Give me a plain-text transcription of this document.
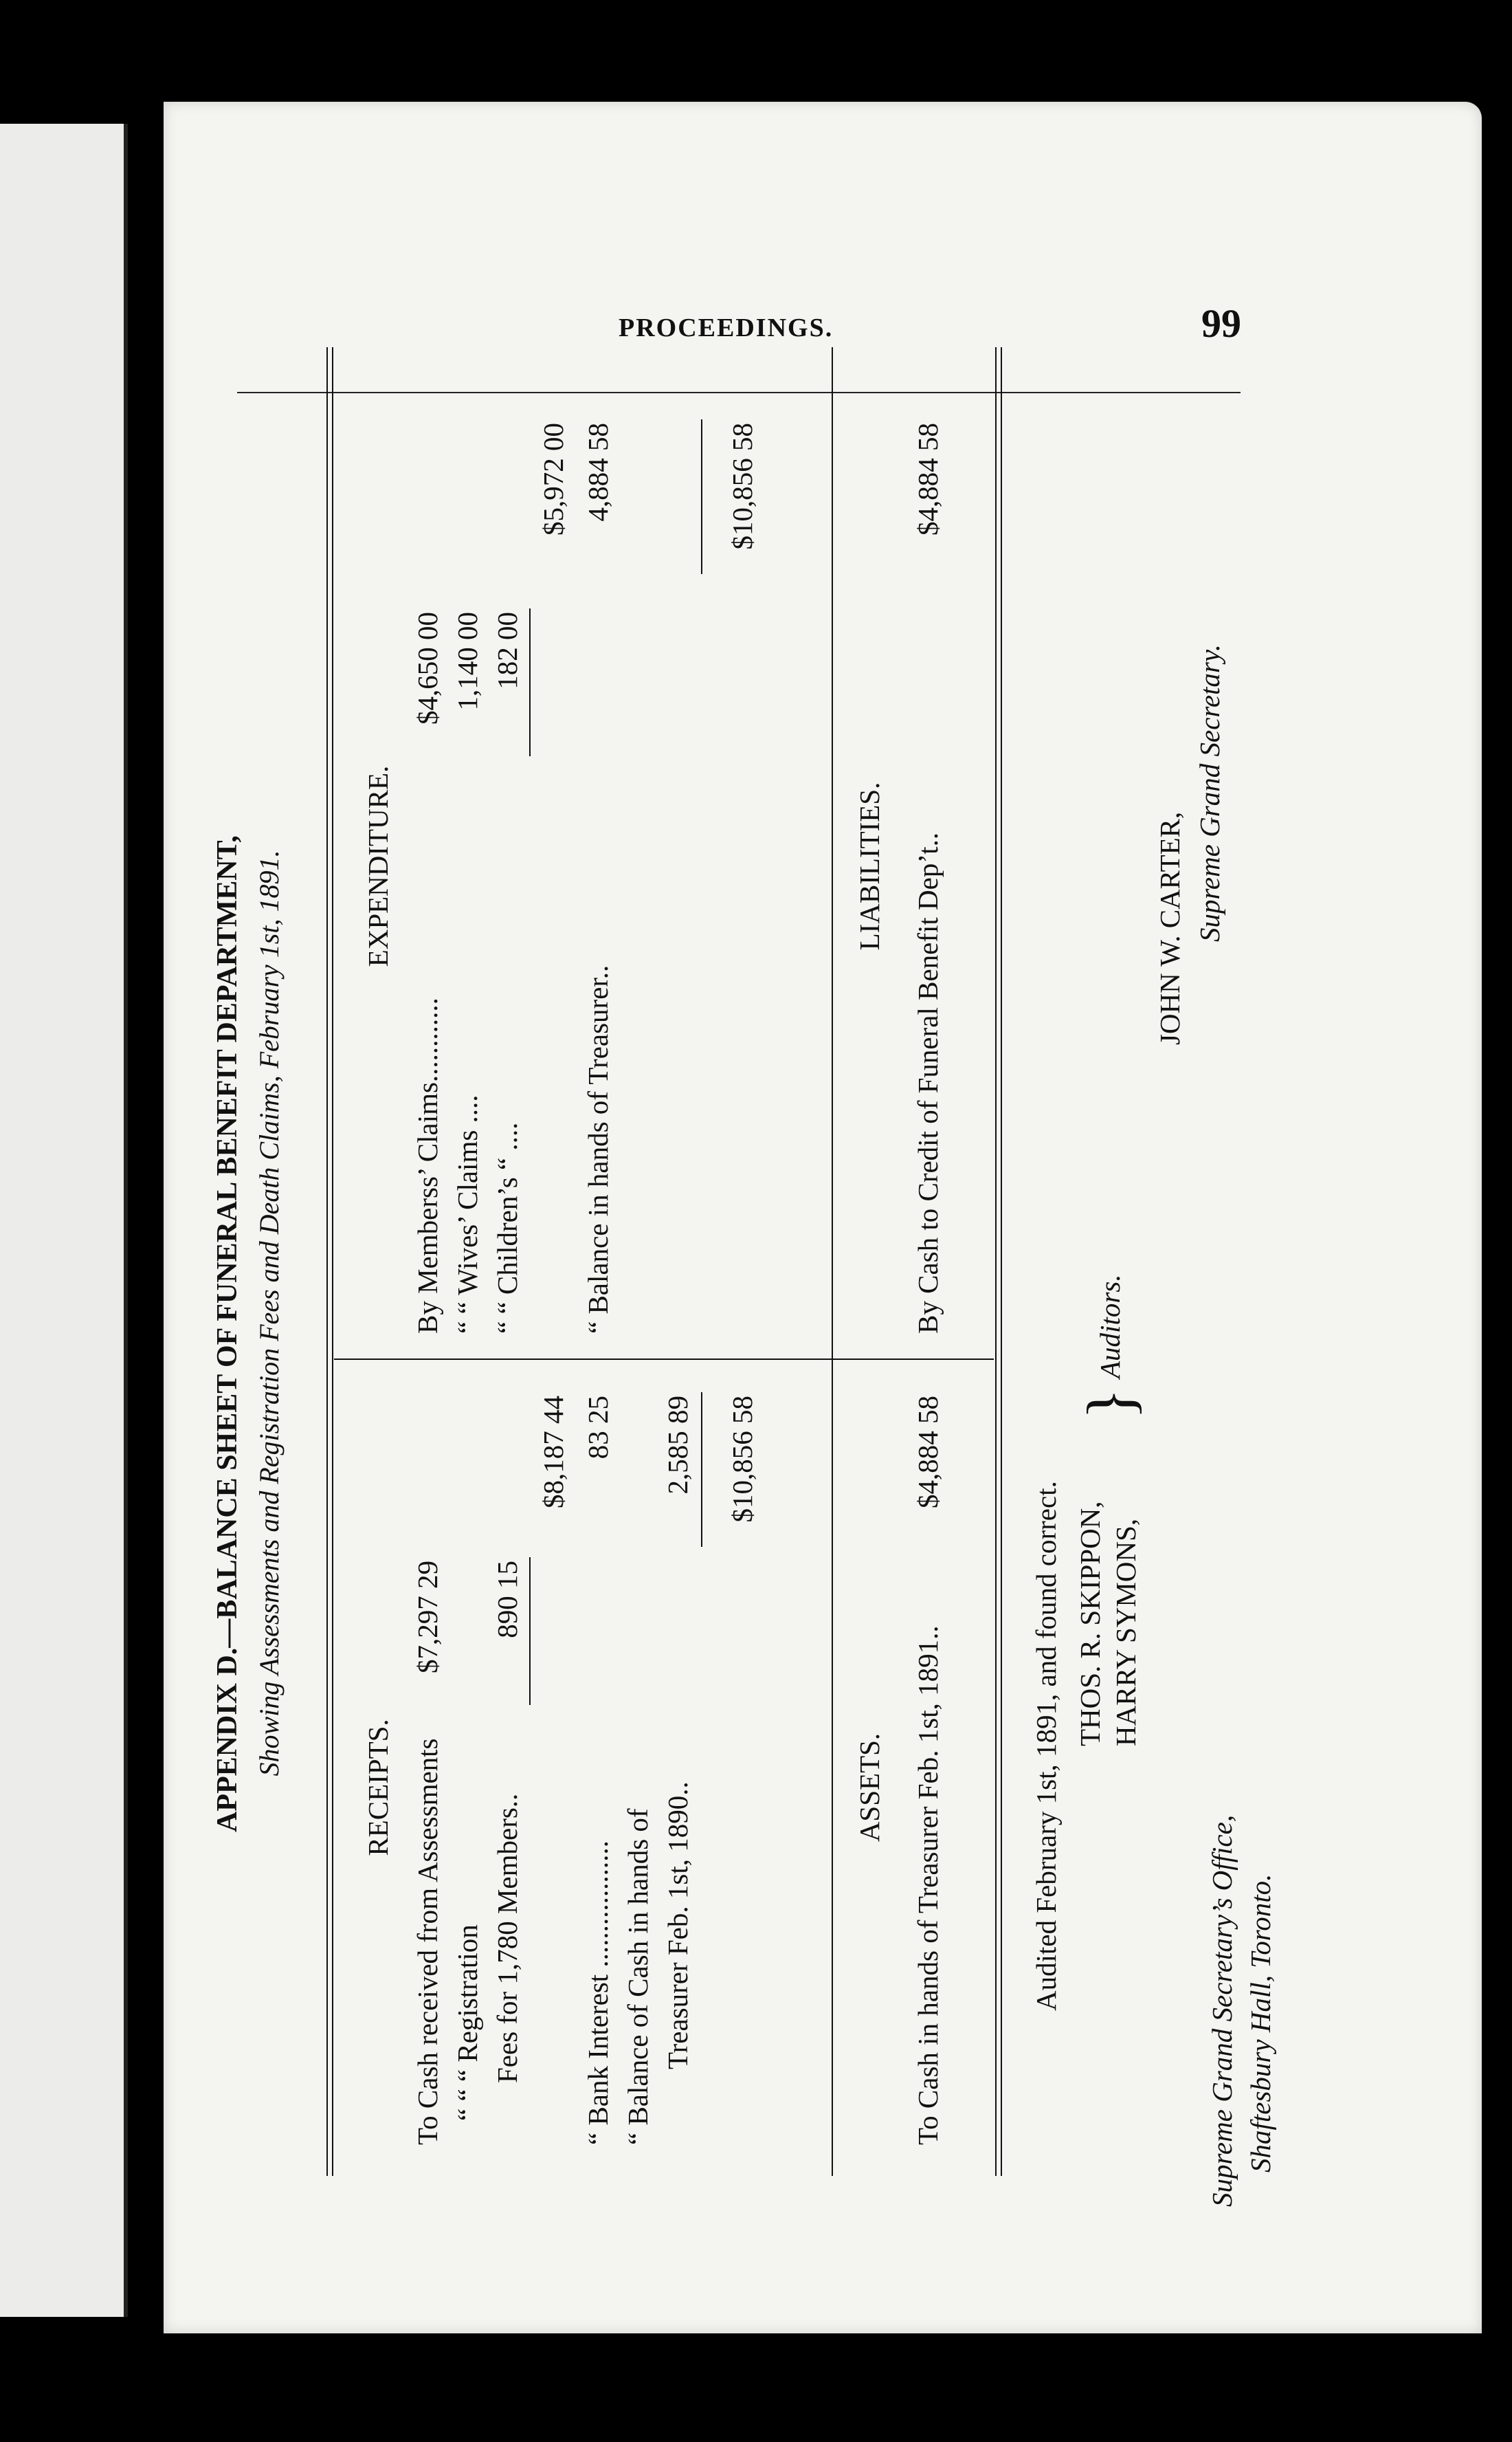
PROCEEDINGS.	99
APPENDIX D.—BALANCE SHEET OF FUNERAL BENEFIT DEPARTMENT, Showing Assessments and Registration Fees and Death Claims, February 1st, 1891.
RECEIPTS. To Cash received from Assessments
$7,297 29
“ “ “ Registration Fees for 1,780 Members..
890 15
$8,187 44
“ Bank Interest ..................
83 25
“ Balance of Cash in hands of Treasurer Feb. 1st, 1890..
2,585 89 $10,856 58
EXPENDITURE.
By Memberss’ Claims............
$4,650 00
“ “ Wives’ Claims ....
1,140 00
“ “ Children’s “ ....
182 00
$5,972 00
“ Balance in hands of Treasurer..
4,884 58	$10,856 58
ASSETS. To Cash in hands of Treasurer Feb. 1st, 1891..
$4,884 58
LIABILITIES. By Cash to Credit of Funeral Benefit Dep’t..
$4,884 58
Audited February 1st, 1891, and found correct. THOS. R. SKIPPON, HARRY SYMONS,
}
Auditors.
JOHN W. CARTER, Supreme Grand Secretary.
Supreme Grand Secretary’s Office, Shaftesbury Hall, Toronto.
